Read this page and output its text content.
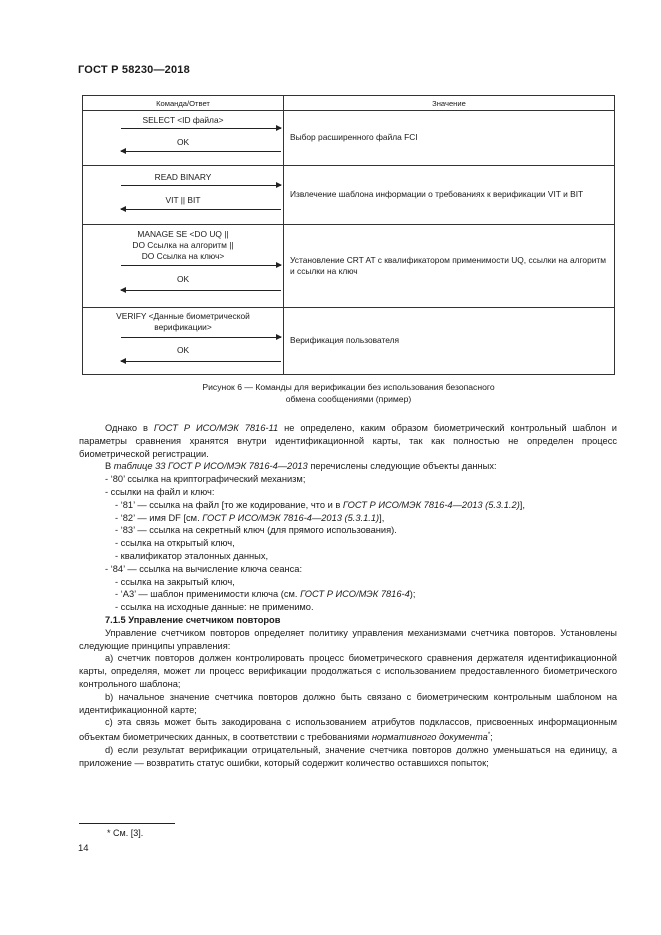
ГОСТ Р 58230—2018
Команда/Ответ	Значение

SELECT <ID файла>
OK	Выбор расширенного файла FCI

READ BINARY
VIT || BIT	Извлечение шаблона информации о требованиях к верификации VIT и BIT

MANAGE SE <DO UQ ||
DO Ссылка на алгоритм ||
DO Ссылка на ключ>
OK	Установление CRT AT с квалификатором применимости UQ, ссылки на алгоритм и ссылки на ключ

VERIFY <Данные биометрической
верификации>
OK	Верификация пользователя
Рисунок 6 — Команды для верификации без использования безопасного
обмена сообщениями (пример)

Однако в ГОСТ Р ИСО/МЭК 7816-11 не определено, каким образом биометрический контрольный шаблон и параметры сравнения хранятся внутри идентификационной карты, так как полностью не определен процесс биометрической регистрации.

В таблице 33 ГОСТ Р ИСО/МЭК 7816-4—2013 перечислены следующие объекты данных:

- ‘80’ ссылка на криптографический механизм;

- ссылки на файл и ключ:

- ‘81’ — ссылка на файл [то же кодирование, что и в ГОСТ Р ИСО/МЭК 7816-4—2013 (5.3.1.2)],

- ‘82’ — имя DF [см. ГОСТ Р ИСО/МЭК 7816-4—2013 (5.3.1.1)],

- ‘83’ — ссылка на секретный ключ (для прямого использования).

- ссылка на открытый ключ,

- квалификатор эталонных данных,

- ‘84’ — ссылка на вычисление ключа сеанса:

- ссылка на закрытый ключ,

- ‘A3’ — шаблон применимости ключа (см. ГОСТ Р ИСО/МЭК 7816-4);

- ссылка на исходные данные: не применимо.

7.1.5 Управление счетчиком повторов

Управление счетчиком повторов определяет политику управления механизмами счетчика повторов. Установлены следующие принципы управления:

а) счетчик повторов должен контролировать процесс биометрического сравнения держателя идентификационной карты, определяя, может ли процесс верификации продолжаться с использованием предоставленного биометрического контрольного шаблона;

b) начальное значение счетчика повторов должно быть связано с биометрическим контрольным шаблоном на идентификационной карте;

с) эта связь может быть закодирована с использованием атрибутов подклассов, присвоенных информационным объектам биометрических данных, в соответствии с требованиями нормативного документа*;

d) если результат верификации отрицательный, значение счетчика повторов должно уменьшаться на единицу, а приложение — возвратить статус ошибки, который содержит количество оставшихся попыток;

* См. [3].
14
